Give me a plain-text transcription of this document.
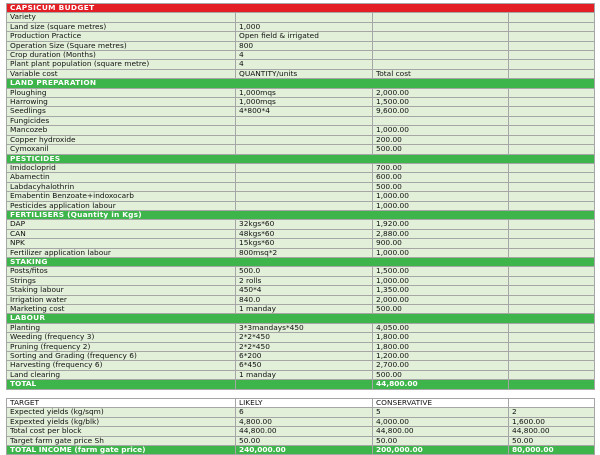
CAPSICUM BUDGET			
Variety			
Land size (square metres)	1,000		
Production Practice	Open field & irrigated		
Operation Size (Square metres)	800		
Crop duration (Months)	4		
Plant plant population (square metre)	4		
Variable cost	QUANTITY/units	Total cost	
LAND PREPARATION			
Ploughing	1,000mqs	2,000.00	
Harrowing	1,000mqs	1,500.00	
Seedlings	4*800*4	9,600.00	
Fungicides			
Mancozeb		1,000.00	
Copper hydroxide		200.00	
Cymoxanil		500.00	
PESTICIDES			
Imidocloprid		700.00	
Abamectin		600.00	
Labdacyhalothrin		500.00	
Emabentin Benzoate+indoxocarb		1,000.00	
Pesticides application labour		1,000.00	
FERTILISERS (Quantity in Kgs)			
DAP	32kgs*60	1,920.00	
CAN	48kgs*60	2,880.00	
NPK	15kgs*60	900.00	
Fertilizer application labour	800msq*2	1,000.00	
STAKING			
Posts/fitos	500.0	1,500.00	
Strings	2 rolls	1,000.00	
Staking labour	450*4	1,350.00	
Irrigation water	840.0	2,000.00	
Marketing cost	1 manday	500.00	
LABOUR			
Planting	3*3mandays*450	4,050.00	
Weeding (frequency 3)	2*2*450	1,800.00	
Pruning (frequency 2)	2*2*450	1,800.00	
Sorting and Grading (frequency 6)	6*200	1,200.00	
Harvesting (frequency 6)	6*450	2,700.00	
Land clearing	1 manday	500.00	
TOTAL		44,800.00	

TARGET	LIKELY	CONSERVATIVE	
Expected yields (kg/sqm)	6	5	2
Expexted yields (kg/blk)	4,800.00	4,000.00	1,600.00
Total cost per block	44,800.00	44,800.00	44,800.00
Target farm gate price Sh	50.00	50.00	50.00
TOTAL INCOME (farm gate price)	240,000.00	200,000.00	80,000.00
